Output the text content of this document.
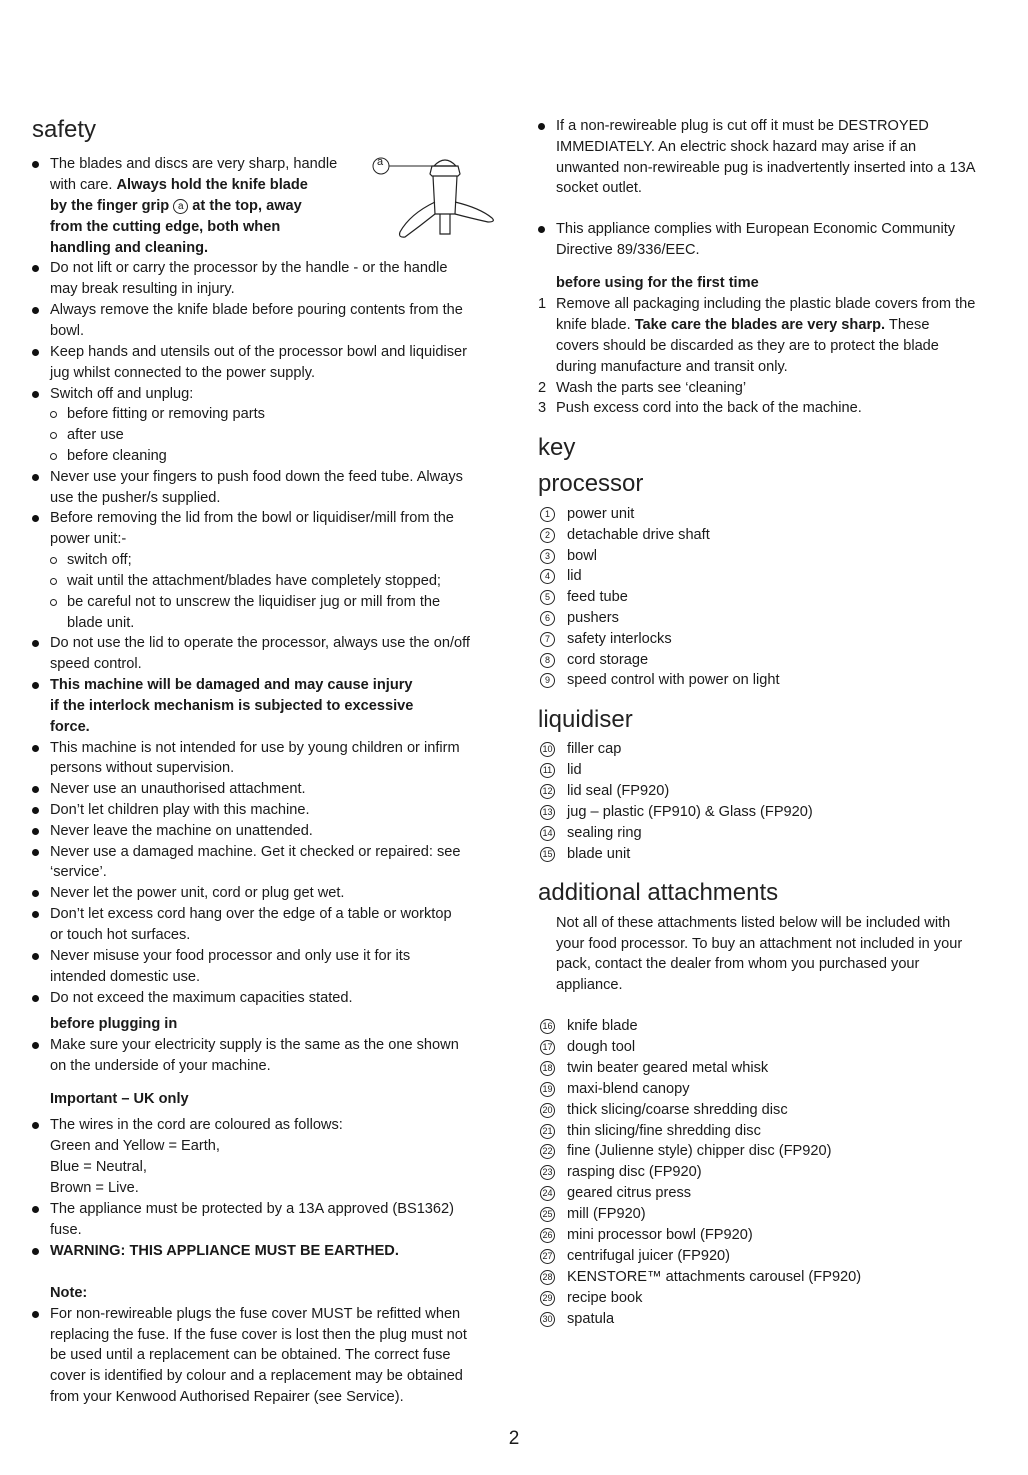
safety
a
The blades and discs are very sharp, handle
with care. Always hold the knife blade
by the finger grip a at the top, away
from the cutting edge, both when
handling and cleaning.
Do not lift or carry the processor by the handle - or the handle
may break resulting in injury.
Always remove the knife blade before pouring contents from the
bowl.
Keep hands and utensils out of the processor bowl and liquidiser
jug whilst connected to the power supply.
Switch off and unplug:
before fitting or removing parts
after use
before cleaning
Never use your fingers to push food down the feed tube. Always
use the pusher/s supplied.
Before removing the lid from the bowl or liquidiser/mill from the
power unit:-
switch off;
wait until the attachment/blades have completely stopped;
be careful not to unscrew the liquidiser jug or mill from the
blade unit.
Do not use the lid to operate the processor, always use the on/off
speed control.
This machine will be damaged and may cause injury
if the interlock mechanism is subjected to excessive
force.
This machine is not intended for use by young children or infirm
persons without supervision.
Never use an unauthorised attachment.
Don’t let children play with this machine.
Never leave the machine on unattended.
Never use a damaged machine. Get it checked or repaired: see
‘service’.
Never let the power unit, cord or plug get wet.
Don’t let excess cord hang over the edge of a table or worktop
or touch hot surfaces.
Never misuse your food processor and only use it for its
intended domestic use.
Do not exceed the maximum capacities stated.
before plugging in
Make sure your electricity supply is the same as the one shown
on the underside of your machine.
Important – UK only
The wires in the cord are coloured as follows:
Green and Yellow = Earth,
Blue = Neutral,
Brown = Live.
The appliance must be protected by a 13A approved (BS1362)
fuse.
WARNING: THIS APPLIANCE MUST BE EARTHED.
Note:
For non-rewireable plugs the fuse cover MUST be refitted when
replacing the fuse. If the fuse cover is lost then the plug must not
be used until a replacement can be obtained. The correct fuse
cover is identified by colour and a replacement may be obtained
from your Kenwood Authorised Repairer (see Service).
If a non-rewireable plug is cut off it must be DESTROYED
IMMEDIATELY. An electric shock hazard may arise if an
unwanted non-rewireable pug is inadvertently inserted into a 13A
socket outlet.
This appliance complies with European Economic Community
Directive 89/336/EEC.
before using for the first time
1 Remove all packaging including the plastic blade covers from the
knife blade. Take care the blades are very sharp. These
covers should be discarded as they are to protect the blade
during manufacture and transit only.
2 Wash the parts see ‘cleaning’
3 Push excess cord into the back of the machine.
key
processor
1	power unit
2	detachable drive shaft
3	bowl
4	lid
5	feed tube
6	pushers
7	safety interlocks
8	cord storage
9	speed control with power on light
liquidiser
10 filler cap
11 lid
12 lid seal (FP920)
13 jug – plastic (FP910) & Glass (FP920)
14 sealing ring
15 blade unit
additional attachments
Not all of these attachments listed below will be included with
your food processor. To buy an attachment not included in your
pack, contact the dealer from whom you purchased your
appliance.
16 knife blade
17 dough tool
18 twin beater geared metal whisk
19 maxi-blend canopy
20 thick slicing/coarse shredding disc
21 thin slicing/fine shredding disc
22 fine (Julienne style) chipper disc (FP920)
23 rasping disc (FP920)
24 geared citrus press
25 mill (FP920)
26 mini processor bowl (FP920)
27 centrifugal juicer (FP920)
28 KENSTORE™ attachments carousel (FP920)
29 recipe book
30 spatula
2
